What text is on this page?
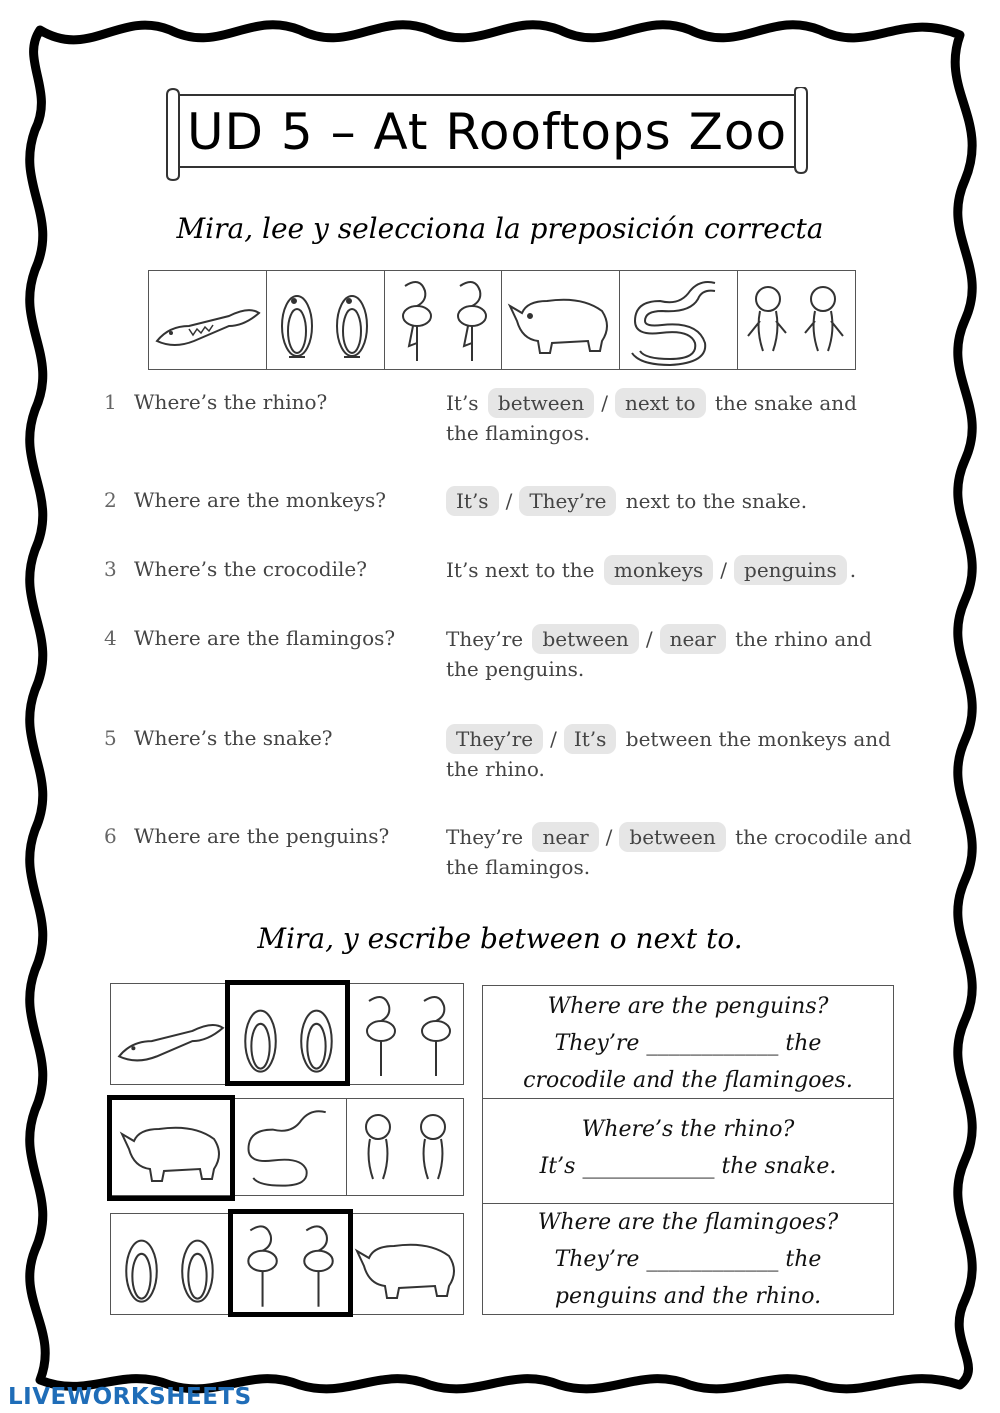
UD 5 – At Rooftops Zoo
Mira, lee y selecciona la preposición correcta
1 Where’s the rhino?	It’s between / next to the snake and
the flamingos.
2 Where are the monkeys?	It’s / They’re next to the snake.
3 Where’s the crocodile?	It’s next to the monkeys / penguins .
4 Where are the flamingos?	They’re between / near the rhino and
the penguins.
5 Where’s the snake?	They’re / It’s between the monkeys and
the rhino.
6 Where are the penguins?	They’re near / between the crocodile and
the flamingos.
Mira, y escribe between o next to.
Where are the penguins?
They’re ____________ the
crocodile and the flamingoes.
Where’s the rhino?
It’s ____________ the snake.
Where are the flamingoes?
They’re ____________ the
penguins and the rhino.
LIVEWORKSHEETS
